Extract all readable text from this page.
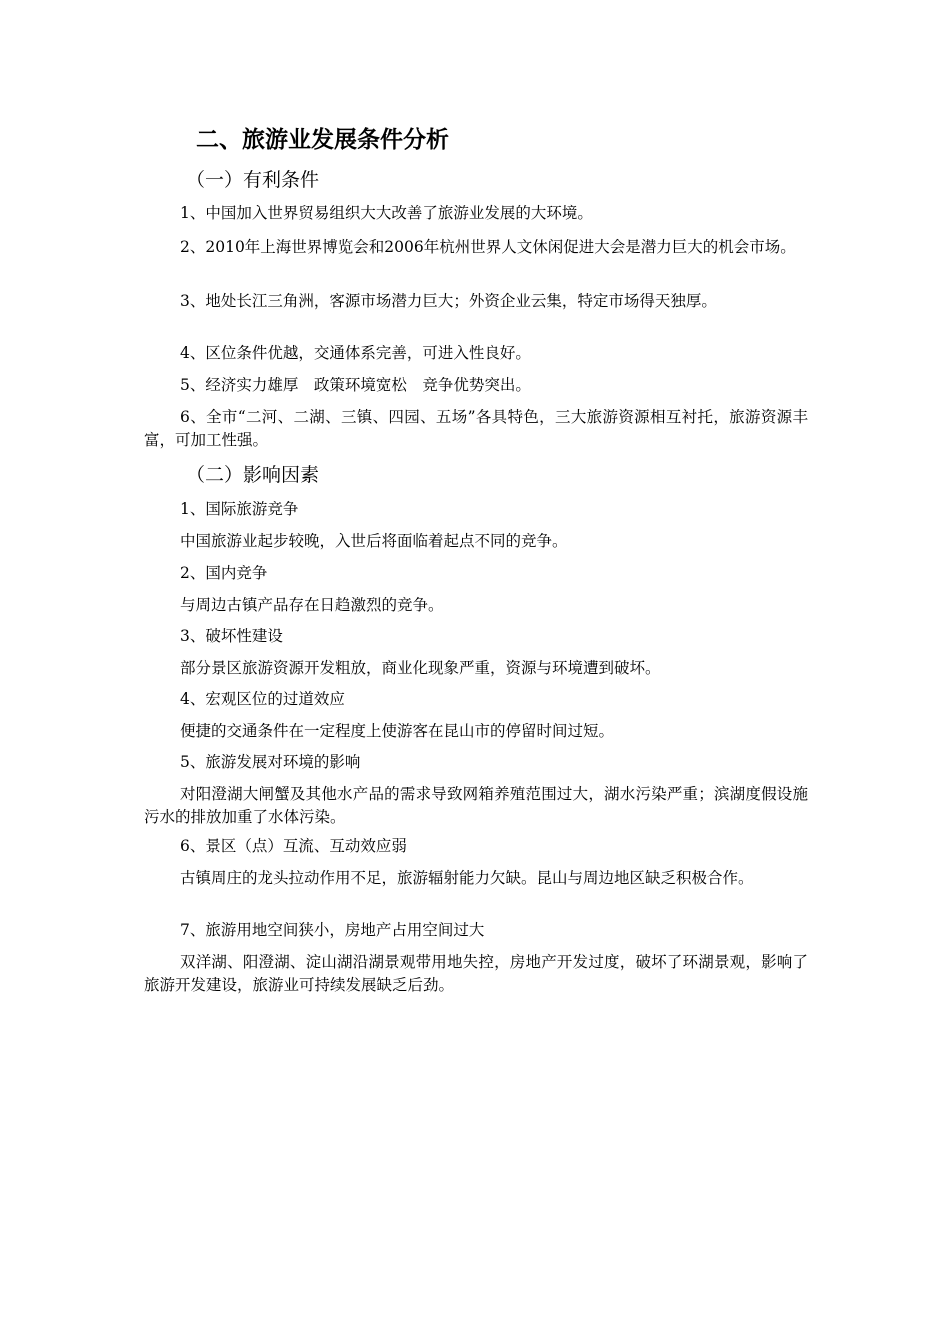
二、旅游业发展条件分析
（一）有利条件

1、中国加入世界贸易组织大大改善了旅游业发展的大环境。

2、2010年上海世界博览会和2006年杭州世界人文休闲促进大会是潜力巨大的机会市场。

3、地处长江三角洲，客源市场潜力巨大；外资企业云集，特定市场得天独厚。

4、区位条件优越，交通体系完善，可进入性良好。

5、经济实力雄厚　政策环境宽松　竞争优势突出。

6、全市“二河、二湖、三镇、四园、五场”各具特色，三大旅游资源相互衬托，旅游资源丰富，可加工性强。

（二）影响因素

1、国际旅游竞争

中国旅游业起步较晚，入世后将面临着起点不同的竞争。

2、国内竞争

与周边古镇产品存在日趋激烈的竞争。

3、破坏性建设

部分景区旅游资源开发粗放，商业化现象严重，资源与环境遭到破坏。

4、宏观区位的过道效应

便捷的交通条件在一定程度上使游客在昆山市的停留时间过短。

5、旅游发展对环境的影响

对阳澄湖大闸蟹及其他水产品的需求导致网箱养殖范围过大，湖水污染严重；滨湖度假设施污水的排放加重了水体污染。

6、景区（点）互流、互动效应弱

古镇周庄的龙头拉动作用不足，旅游辐射能力欠缺。昆山与周边地区缺乏积极合作。

7、旅游用地空间狭小，房地产占用空间过大

双洋湖、阳澄湖、淀山湖沿湖景观带用地失控，房地产开发过度，破坏了环湖景观，影响了旅游开发建设，旅游业可持续发展缺乏后劲。
